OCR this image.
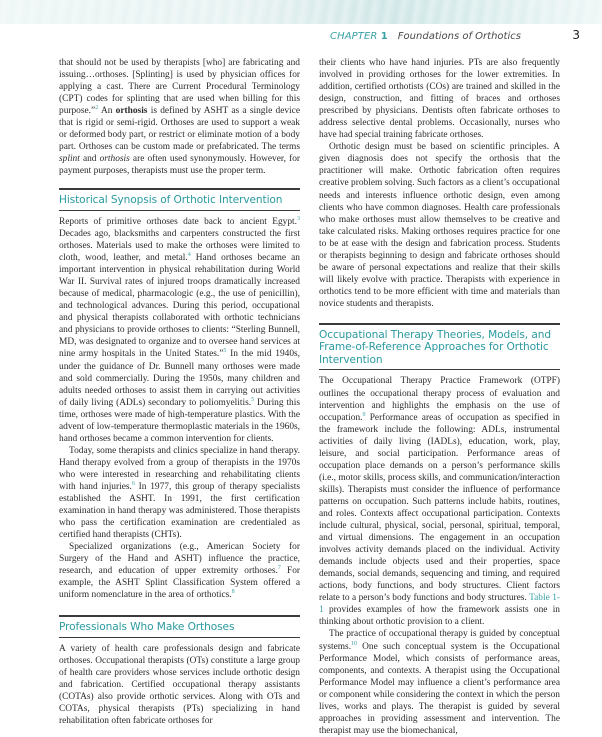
CHAPTER 1 Foundations of Orthotics	3

that should not be used by therapists [who] are fabricating and issuing…orthoses. [Splinting] is used by physician offices for applying a cast. There are Current Procedural Terminology (CPT) codes for splinting that are used when billing for this purpose.”$^2$ An orthosis is defined by ASHT as a single device that is rigid or semi-rigid. Orthoses are used to support a weak or deformed body part, or restrict or eliminate motion of a body part. Orthoses can be custom made or prefabricated. The terms splint and orthosis are often used synonymously. However, for payment purposes, therapists must use the proper term.

Historical Synopsis of Orthotic Intervention

Reports of primitive orthoses date back to ancient Egypt.$^3$ Decades ago, blacksmiths and carpenters constructed the first orthoses. Materials used to make the orthoses were limited to cloth, wood, leather, and metal.$^4$ Hand orthoses became an important intervention in physical rehabilitation during World War II. Survival rates of injured troops dramatically increased because of medical, pharmacologic (e.g., the use of penicillin), and technological advances. During this period, occupational and physical therapists collaborated with orthotic technicians and physicians to provide orthoses to clients: “Sterling Bunnell, MD, was designated to organize and to oversee hand services at nine army hospitals in the United States.”$^5$ In the mid 1940s, under the guidance of Dr. Bunnell many orthoses were made and sold commercially. During the 1950s, many children and adults needed orthoses to assist them in carrying out activities of daily living (ADLs) secondary to poliomyelitis.$^5$ During this time, orthoses were made of high-temperature plastics. With the advent of low-temperature thermoplastic materials in the 1960s, hand orthoses became a common intervention for clients.

Today, some therapists and clinics specialize in hand therapy. Hand therapy evolved from a group of therapists in the 1970s who were interested in researching and rehabilitating clients with hand injuries.$^6$ In 1977, this group of therapy specialists established the ASHT. In 1991, the first certification examination in hand therapy was administered. Those therapists who pass the certification examination are credentialed as certified hand therapists (CHTs).

Specialized organizations (e.g., American Society for Surgery of the Hand and ASHT) influence the practice, research, and education of upper extremity orthoses.$^7$ For example, the ASHT Splint Classification System offered a uniform nomenclature in the area of orthotics.$^8$

Professionals Who Make Orthoses

A variety of health care professionals design and fabricate orthoses. Occupational therapists (OTs) constitute a large group of health care providers whose services include orthotic design and fabrication. Certified occupational therapy assistants (COTAs) also provide orthotic services. Along with OTs and COTAs, physical therapists (PTs) specializing in hand rehabilitation often fabricate orthoses for

their clients who have hand injuries. PTs are also frequently involved in providing orthoses for the lower extremities. In addition, certified orthotists (COs) are trained and skilled in the design, construction, and fitting of braces and orthoses prescribed by physicians. Dentists often fabricate orthoses to address selective dental problems. Occasionally, nurses who have had special training fabricate orthoses.

Orthotic design must be based on scientific principles. A given diagnosis does not specify the orthosis that the practitioner will make. Orthotic fabrication often requires creative problem solving. Such factors as a client’s occupational needs and interests influence orthotic design, even among clients who have common diagnoses. Health care professionals who make orthoses must allow themselves to be creative and take calculated risks. Making orthoses requires practice for one to be at ease with the design and fabrication process. Students or therapists beginning to design and fabricate orthoses should be aware of personal expectations and realize that their skills will likely evolve with practice. Therapists with experience in orthotics tend to be more efficient with time and materials than novice students and therapists.

Occupational Therapy Theories, Models, and Frame-of-Reference Approaches for Orthotic Intervention

The Occupational Therapy Practice Framework (OTPF) outlines the occupational therapy process of evaluation and intervention and highlights the emphasis on the use of occupation.$^9$ Performance areas of occupation as specified in the framework include the following: ADLs, instrumental activities of daily living (IADLs), education, work, play, leisure, and social participation. Performance areas of occupation place demands on a person’s performance skills (i.e., motor skills, process skills, and communication/interaction skills). Therapists must consider the influence of performance patterns on occupation. Such patterns include habits, routines, and roles. Contexts affect occupational participation. Contexts include cultural, physical, social, personal, spiritual, temporal, and virtual dimensions. The engagement in an occupation involves activity demands placed on the individual. Activity demands include objects used and their properties, space demands, social demands, sequencing and timing, and required actions, body functions, and body structures. Client factors relate to a person’s body functions and body structures. Table 1-1 provides examples of how the framework assists one in thinking about orthotic provision to a client.

The practice of occupational therapy is guided by conceptual systems.$^{10}$ One such conceptual system is the Occupational Performance Model, which consists of performance areas, components, and contexts. A therapist using the Occupational Performance Model may influence a client’s performance area or component while considering the context in which the person lives, works and plays. The therapist is guided by several approaches in providing assessment and intervention. The therapist may use the biomechanical,
